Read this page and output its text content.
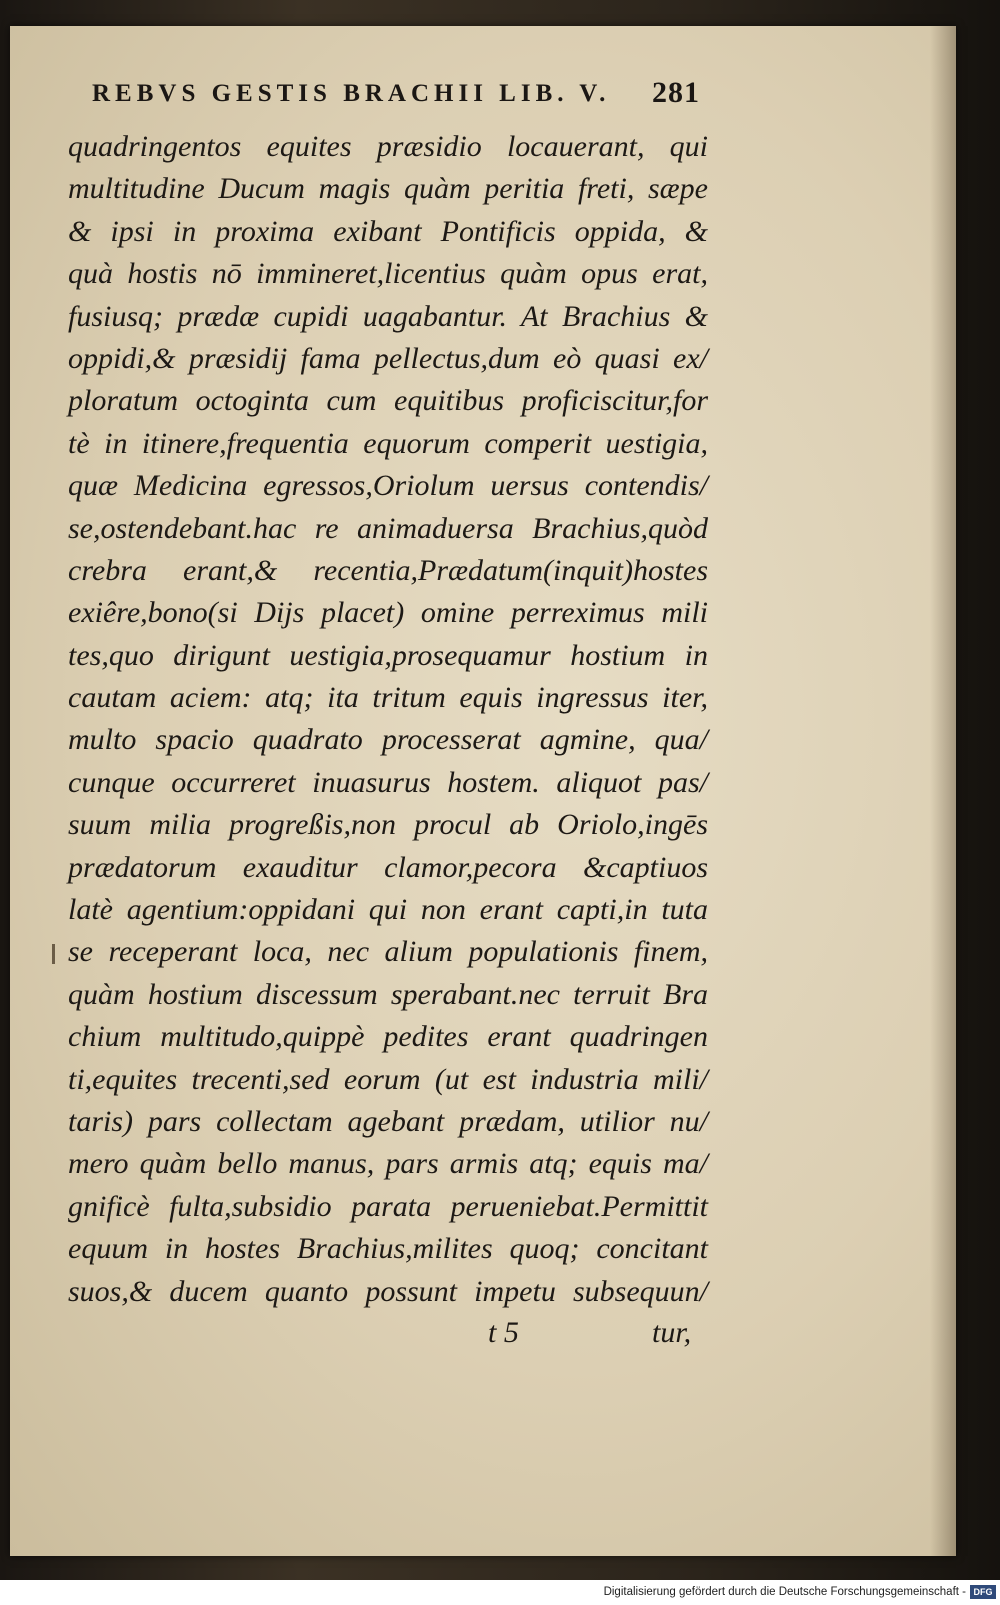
REBVS GESTIS BRACHII LIB. V. 281
quadringentos equites præsidio locauerant, qui
multitudine Ducum magis quàm peritia freti, sæpe
& ipsi in proxima exibant Pontificis oppida, &
quà hostis nō immineret,licentius quàm opus erat,
fusiusq; prædæ cupidi uagabantur. At Brachius &
oppidi,& præsidij fama pellectus,dum eò quasi ex/
ploratum octoginta cum equitibus proficiscitur,for
tè in itinere,frequentia equorum comperit uestigia,
quæ Medicina egressos,Oriolum uersus contendis/
se,ostendebant.hac re animaduersa Brachius,quòd
crebra erant,& recentia,Prædatum(inquit)hostes
exiêre,bono(si Dijs placet) omine perreximus mili
tes,quo dirigunt uestigia,prosequamur hostium in
cautam aciem: atq; ita tritum equis ingressus iter,
multo spacio quadrato processerat agmine, qua/
cunque occurreret inuasurus hostem. aliquot pas/
suum milia progreßis,non procul ab Oriolo,ingēs
prædatorum exauditur clamor,pecora &captiuos
latè agentium:oppidani qui non erant capti,in tuta
se receperant loca, nec alium populationis finem,
quàm hostium discessum sperabant.nec terruit Bra
chium multitudo,quippè pedites erant quadringen
ti,equites trecenti,sed eorum (ut est industria mili/
taris) pars collectam agebant prædam, utilior nu/
mero quàm bello manus, pars armis atq; equis ma/
gnificè fulta,subsidio parata perueniebat.Permittit
equum in hostes Brachius,milites quoq; concitant
suos,& ducem quanto possunt impetu subsequun/
t 5	tur,
Digitalisierung gefördert durch die Deutsche Forschungsgemeinschaft - DFG
